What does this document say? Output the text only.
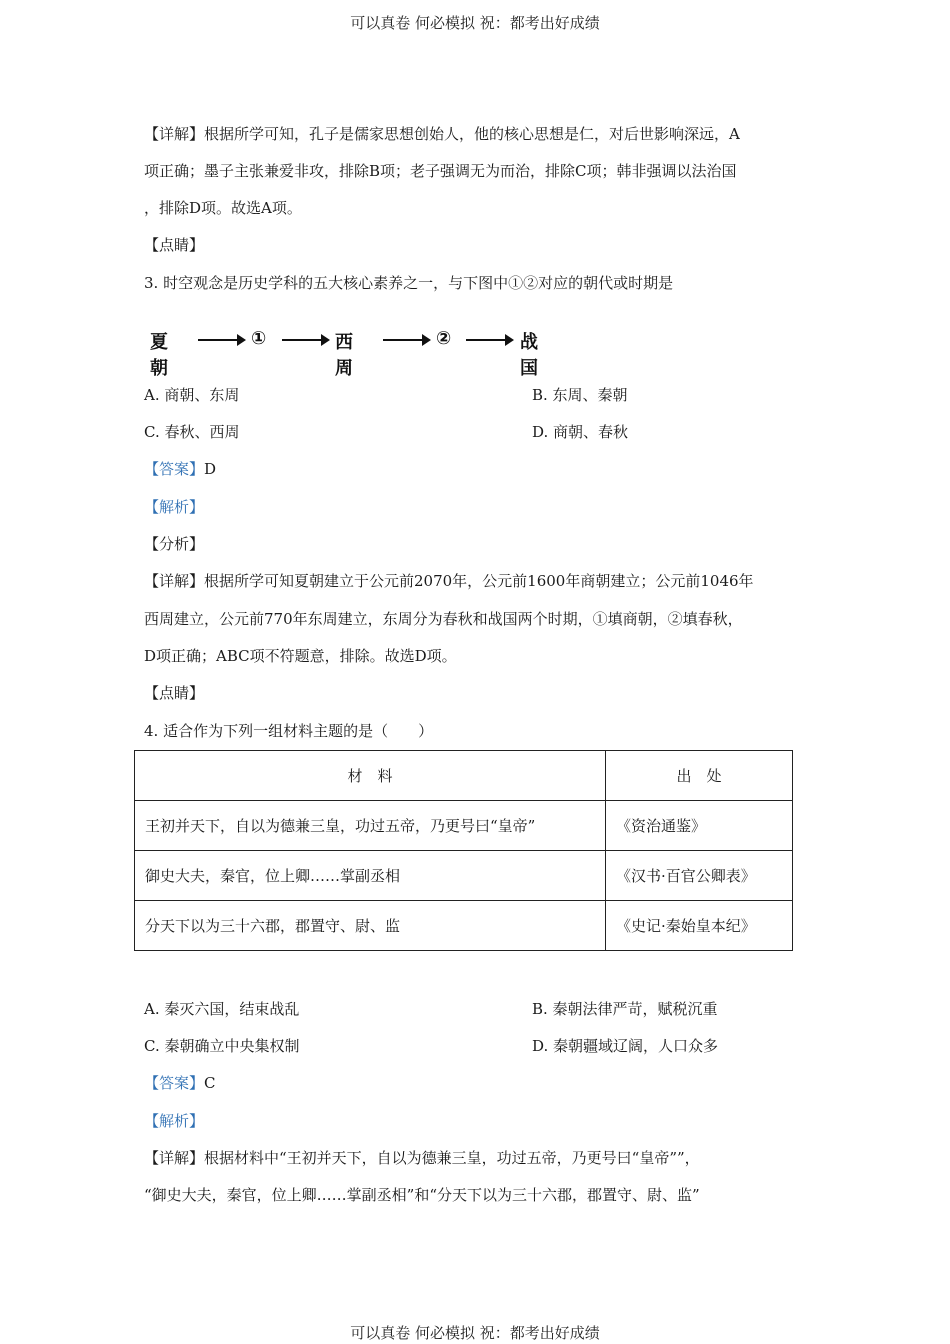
可以真卷 何必模拟 祝：都考出好成绩
【详解】根据所学可知，孔子是儒家思想创始人，他的核心思想是仁，对后世影响深远，A
项正确；墨子主张兼爱非攻，排除B项；老子强调无为而治，排除C项；韩非强调以法治国
，排除D项。故选A项。
【点睛】
3. 时空观念是历史学科的五大核心素养之一，与下图中①②对应的朝代或时期是
夏朝
①	西周
②	战国
A. 商朝、东周	B. 东周、秦朝
C. 春秋、西周	D. 商朝、春秋
【答案】D
【解析】
【分析】
【详解】根据所学可知夏朝建立于公元前2070年，公元前1600年商朝建立；公元前1046年
西周建立，公元前770年东周建立，东周分为春秋和战国两个时期，①填商朝，②填春秋，
D项正确；ABC项不符题意，排除。故选D项。
【点睛】
4. 适合作为下列一组材料主题的是（　　）
材　料	出　处
王初并天下，自以为德兼三皇，功过五帝，乃更号曰“皇帝”	《资治通鉴》
御史大夫，秦官，位上卿……掌副丞相	《汉书·百官公卿表》
分天下以为三十六郡，郡置守、尉、监	《史记·秦始皇本纪》
A. 秦灭六国，结束战乱	B. 秦朝法律严苛，赋税沉重
C. 秦朝确立中央集权制	D. 秦朝疆域辽阔，人口众多
【答案】C
【解析】
【详解】根据材料中“王初并天下，自以为德兼三皇，功过五帝，乃更号曰“皇帝””，
“御史大夫，秦官，位上卿……掌副丞相”和“分天下以为三十六郡，郡置守、尉、监”
可以真卷 何必模拟 祝：都考出好成绩
